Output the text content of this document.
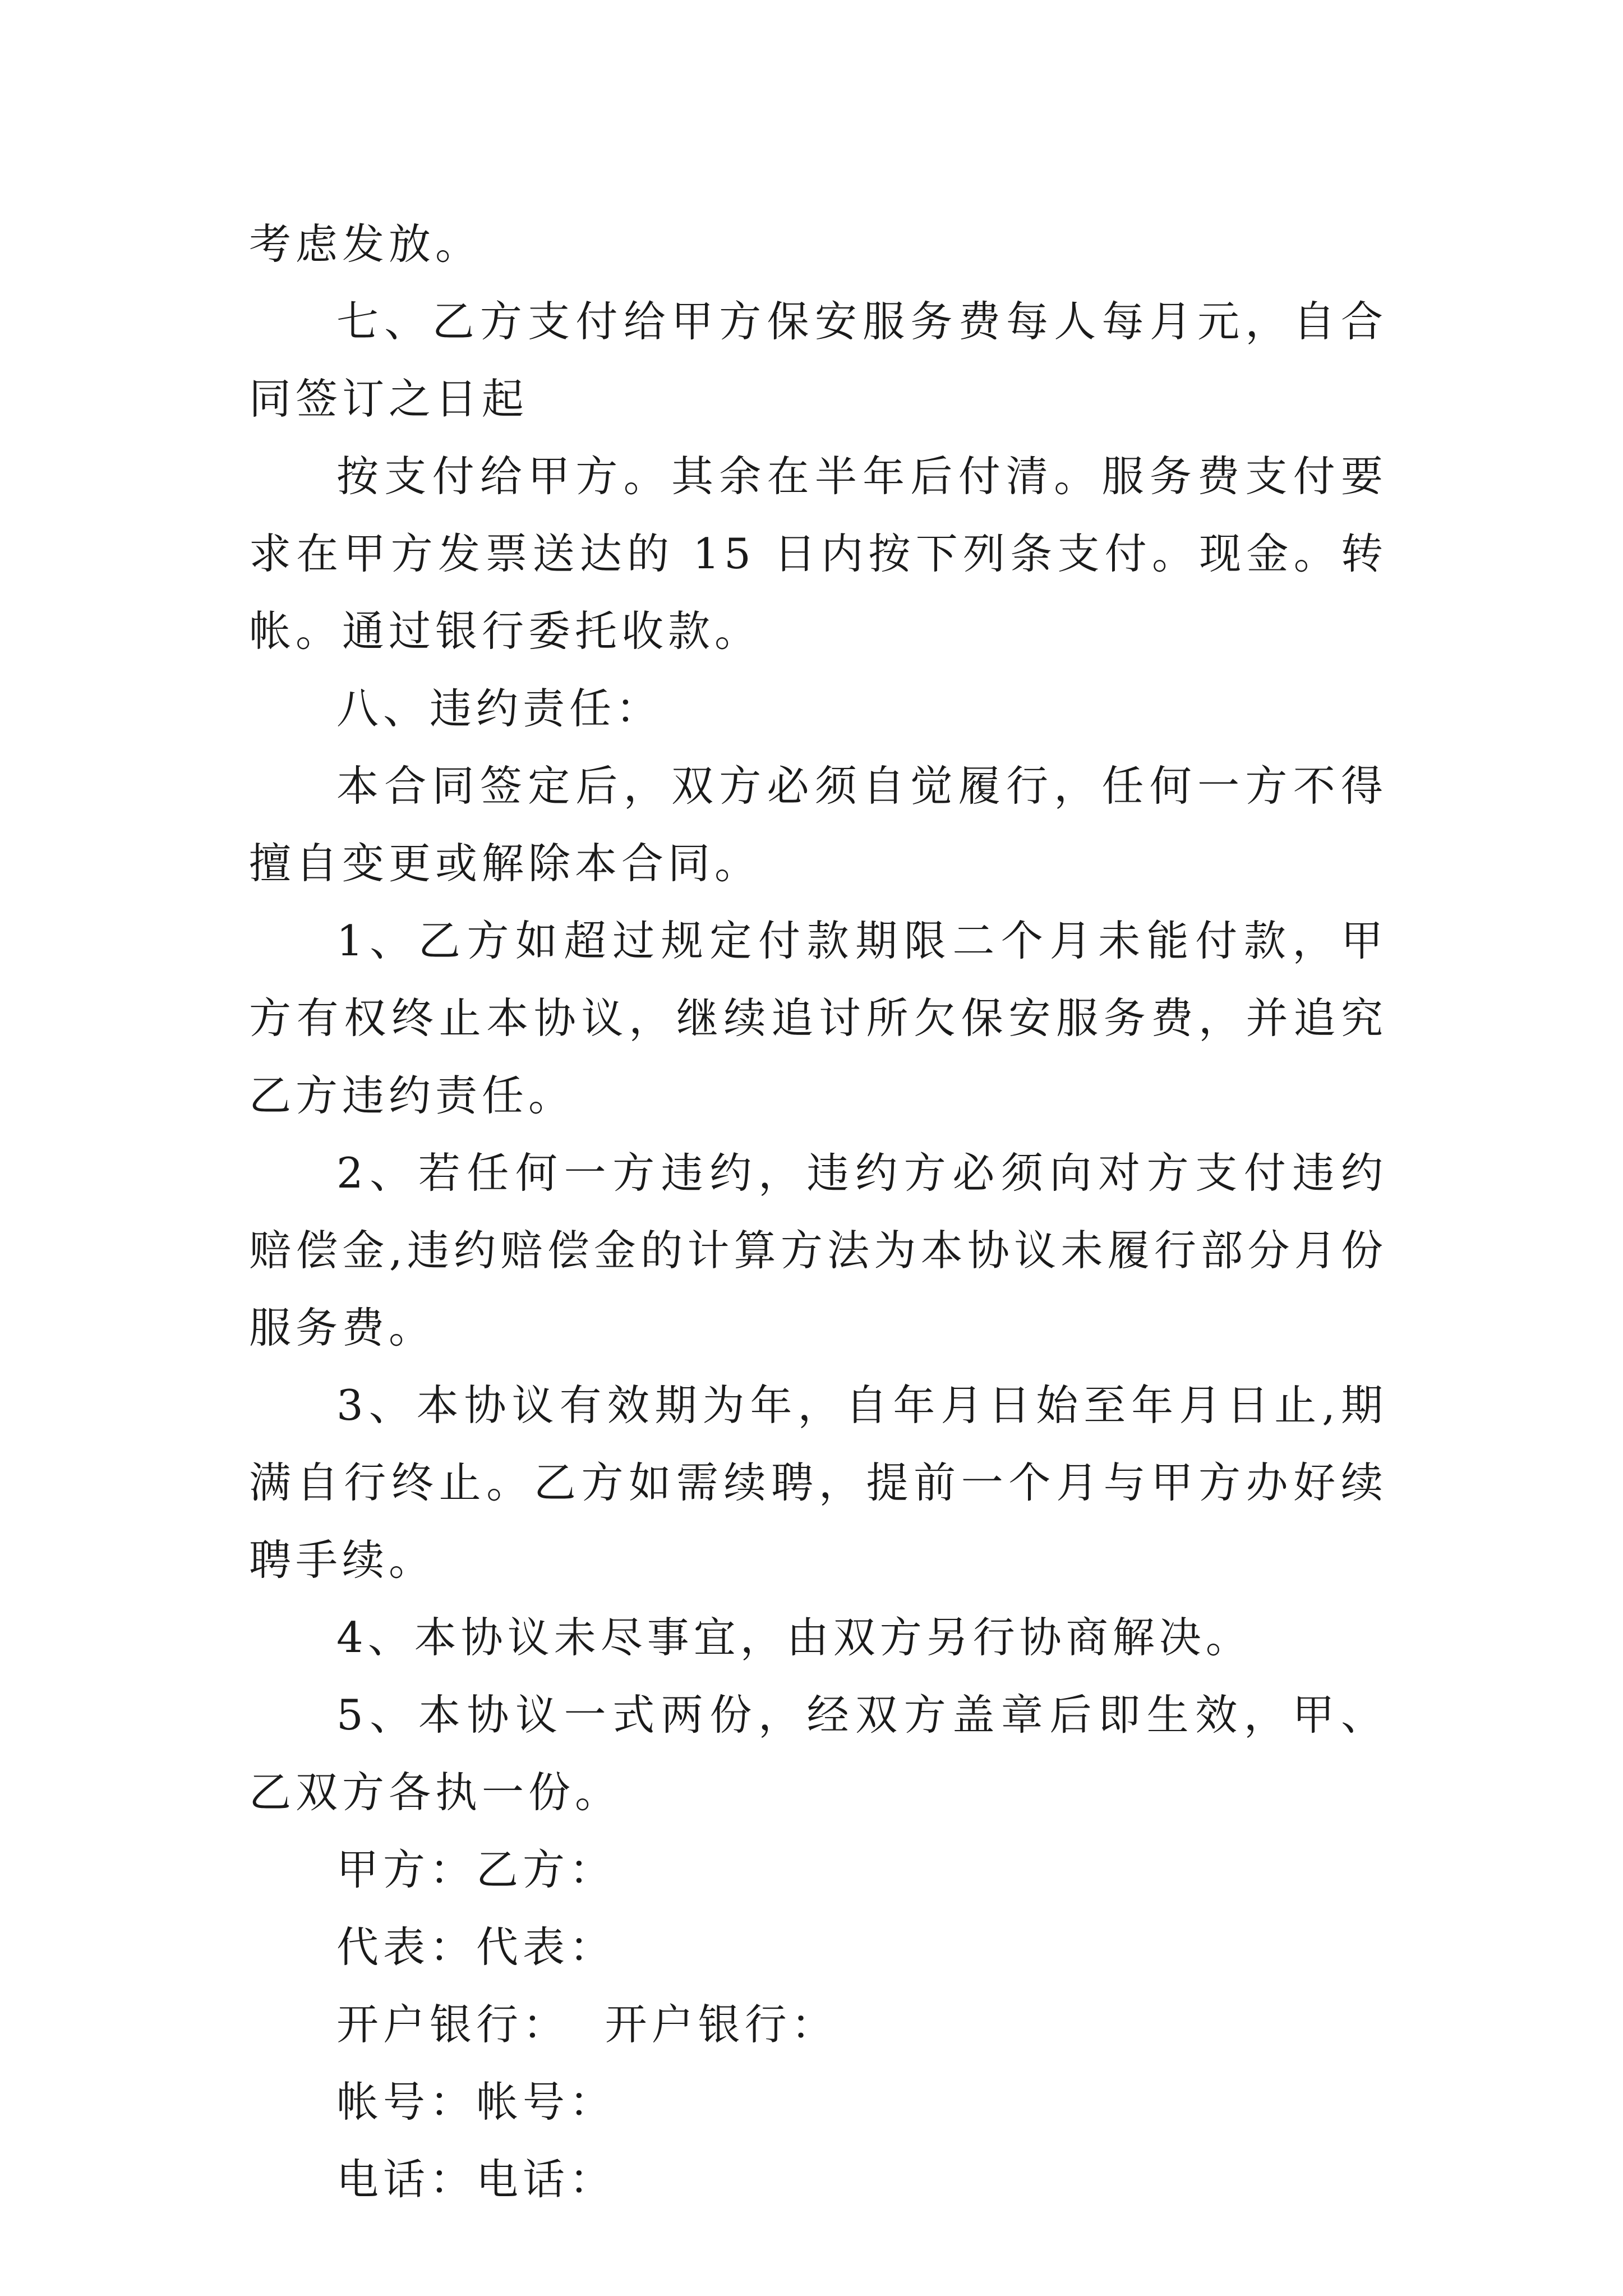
考虑发放。

七、乙方支付给甲方保安服务费每人每月元，自合同签订之日起

按支付给甲方。其余在半年后付清。服务费支付要求在甲方发票送达的 15 日内按下列条支付。现金。转帐。通过银行委托收款。

八、违约责任：

本合同签定后，双方必须自觉履行，任何一方不得擅自变更或解除本合同。

1、乙方如超过规定付款期限二个月未能付款，甲方有权终止本协议，继续追讨所欠保安服务费，并追究乙方违约责任。

2、若任何一方违约，违约方必须向对方支付违约赔偿金,违约赔偿金的计算方法为本协议未履行部分月份服务费。

3、本协议有效期为年，自年月日始至年月日止,期满自行终止。乙方如需续聘，提前一个月与甲方办好续聘手续。

4、本协议未尽事宜，由双方另行协商解决。

5、本协议一式两份，经双方盖章后即生效，甲、乙双方各执一份。

甲方：乙方：

代表：代表：

开户银行：  开户银行：

帐号：帐号：

电话：电话：
